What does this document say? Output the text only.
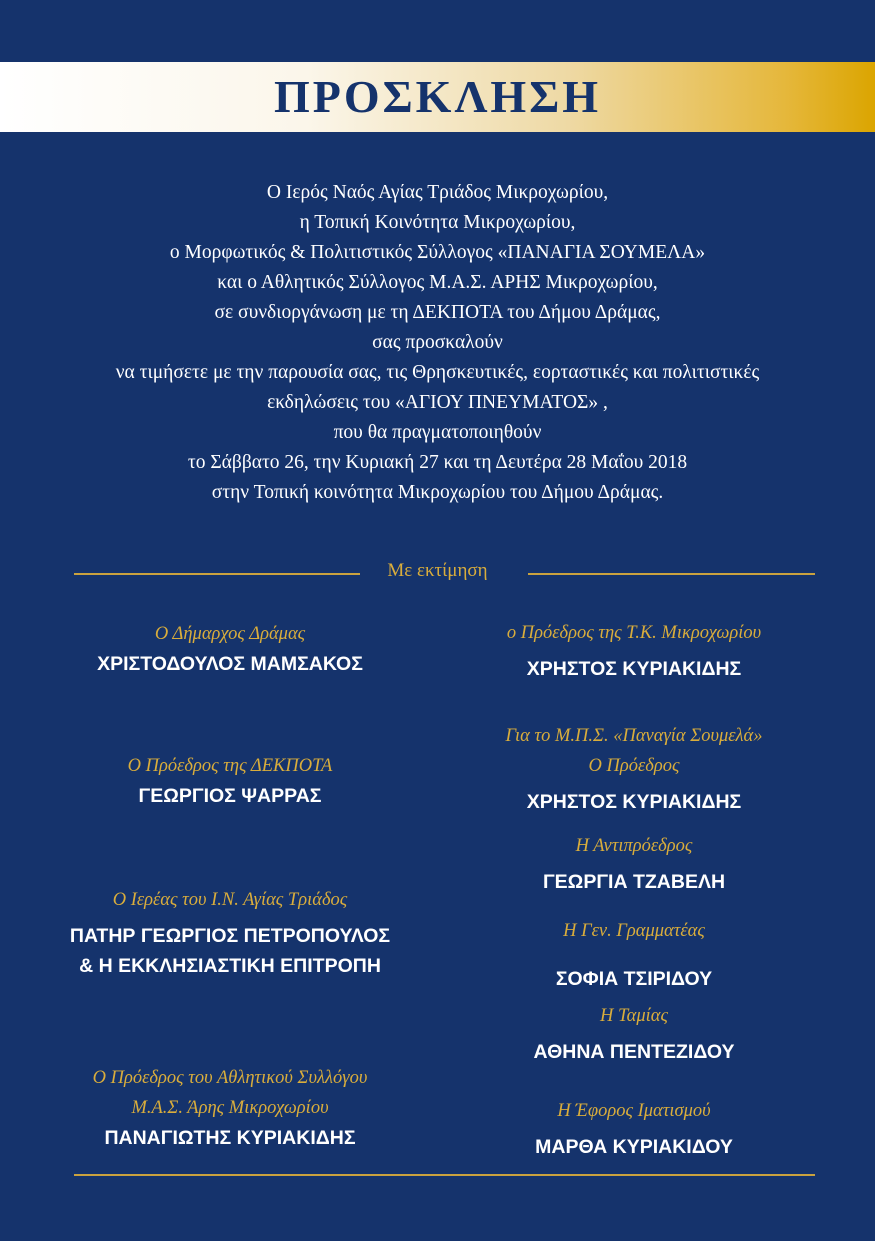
ΠΡΟΣΚΛΗΣΗ
Ο Ιερός Ναός Αγίας Τριάδος Μικροχωρίου,
η Τοπική Κοινότητα Μικροχωρίου,
ο Μορφωτικός & Πολιτιστικός Σύλλογος «ΠΑΝΑΓΙΑ ΣΟΥΜΕΛΑ»
και ο Αθλητικός Σύλλογος Μ.Α.Σ. ΑΡΗΣ Μικροχωρίου,
σε συνδιοργάνωση με τη ΔΕΚΠΟΤΑ του Δήμου Δράμας,
σας προσκαλούν
να τιμήσετε με την παρουσία σας, τις Θρησκευτικές, εορταστικές και πολιτιστικές
εκδηλώσεις του «ΑΓΙΟΥ ΠΝΕΥΜΑΤΟΣ» ,
που θα πραγματοποιηθούν
το Σάββατο 26, την Κυριακή 27 και τη Δευτέρα 28 Μαΐου 2018
στην Τοπική κοινότητα Μικροχωρίου του Δήμου Δράμας.
Με εκτίμηση
Ο Δήμαρχος Δράμας
ΧΡΙΣΤΟΔΟΥΛΟΣ ΜΑΜΣΑΚΟΣ
Ο Πρόεδρος της ΔΕΚΠΟΤΑ
ΓΕΩΡΓΙΟΣ ΨΑΡΡΑΣ
Ο Ιερέας του Ι.Ν. Αγίας Τριάδος
ΠΑΤΗΡ ΓΕΩΡΓΙΟΣ ΠΕΤΡΟΠΟΥΛΟΣ
& Η ΕΚΚΛΗΣΙΑΣΤΙΚΗ ΕΠΙΤΡΟΠΗ
Ο Πρόεδρος του Αθλητικού Συλλόγου
Μ.Α.Σ. Άρης Μικροχωρίου
ΠΑΝΑΓΙΩΤΗΣ ΚΥΡΙΑΚΙΔΗΣ
ο Πρόεδρος της Τ.Κ. Μικροχωρίου
ΧΡΗΣΤΟΣ ΚΥΡΙΑΚΙΔΗΣ
Για το Μ.Π.Σ. «Παναγία Σουμελά»
Ο Πρόεδρος
ΧΡΗΣΤΟΣ ΚΥΡΙΑΚΙΔΗΣ
Η Αντιπρόεδρος
ΓΕΩΡΓΙΑ ΤΖΑΒΕΛΗ
Η Γεν. Γραμματέας
ΣΟΦΙΑ ΤΣΙΡΙΔΟΥ
Η Ταμίας
ΑΘΗΝΑ ΠΕΝΤΕΖΙΔΟΥ
Η Έφορος Ιματισμού
ΜΑΡΘΑ ΚΥΡΙΑΚΙΔΟΥ
